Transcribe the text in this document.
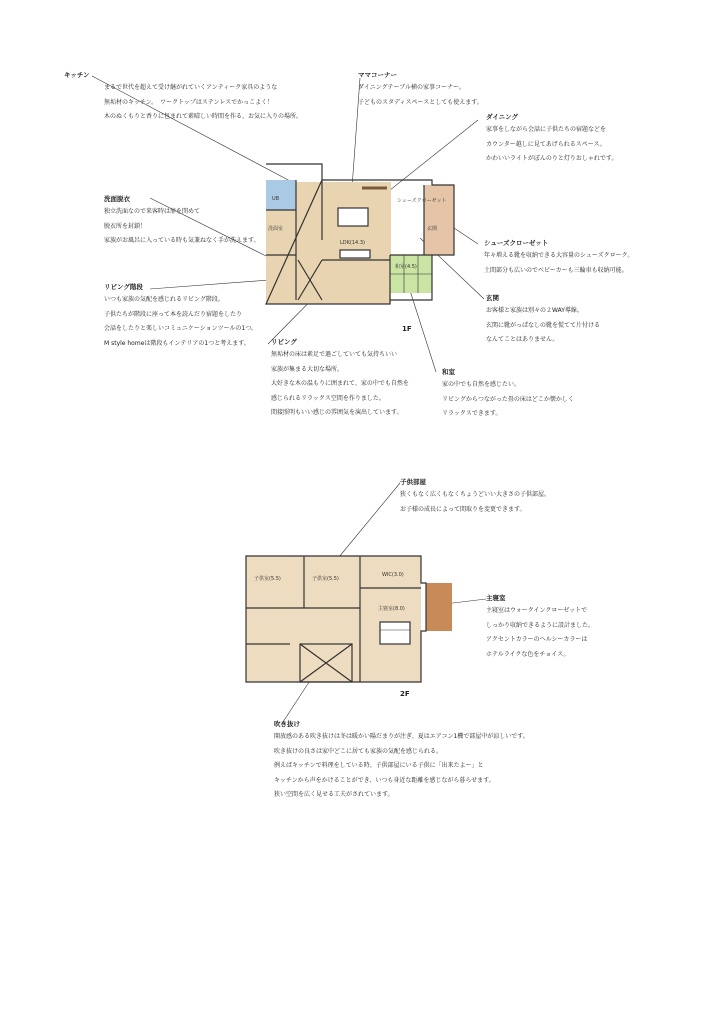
UB
洗面室
LDK(14.3)
シューズクローゼット
玄関
和室(4.5)
1F
子供室(5.5)	子供室(5.5)
WIC(3.0)
主寝室(8.0)
2F
キッチン
まるで世代を超えて受け継がれていくアンティーク家具のような
無垢材のキッチン。　ワークトップはステンレスでかっこよく！
木のぬくもりと香りに包まれて素晴しい時間を作る、お気に入りの場所。
ママコーナー
ダイニングテーブル横の家事コーナー。
子どものスタディスペースとしても使えます。
ダイニング
家事をしながら会話に子供たちの宿題などを
カウンター越しに見てあげられるスペース。
かわいいライトがぽんのりと灯りおしゃれです。
洗面脱衣
独立洗面なので来客時は扉を閉めて
脱衣所を封鎖！
家族がお風呂に入っている時も気兼ねなく手が洗えます。	シューズクローゼット
年々増える靴を収納できる大容量のシューズクローク。
土間部分も広いのでベビーカーも三輪車も収納可能。
リビング階段
いつも家族の気配を感じれるリビング階段。
子供たちが階段に座って本を読んだり宿題をしたり
会話をしたりと楽しいコミュニケーションツールの1つ。
M style homeは階段もインテリアの1つと考えます。
玄関
お客様と家族は別々の２WAY導線。
玄関に靴がっぱなしの靴を慌てて片付ける
なんてことはありません。
リビング
無垢材の床は素足で過ごしていても気持ちいい
家族が集まる大切な場所。
大好きな木の温もりに囲まれて、家の中でも自然を
感じられるリラックス空間を作りました。
間接照明もいい感じの雰囲気を演出しています。
和室
家の中でも自然を感じたい。
リビングからつながった畳の床はどこか懐かしく
リラックスできます。
子供部屋
狭くもなく広くもなくちょうどいい大きさの子供部屋。
お子様の成長によって間取りを変更できます。
主寝室
主寝室はウォークインクローゼットで
しっかり収納できるように設計ました。
アクセントカラーのヘルシーカラーは
ホテルライクな色をチョイス。
吹き抜け
開放感のある吹き抜けは冬は暖かい陽だまりが注ぎ、夏はエアコン1機で部屋中が涼しいです。
吹き抜けの良さは家中どこに居ても家族の気配を感じられる。
例えばキッチンで料理をしている時、子供部屋にいる子供に「出来たよー」と
キッチンから声をかけることができ、いつも身近な距離を感じながら暮らせます。
狭い空間を広く見せる工夫がされています。
